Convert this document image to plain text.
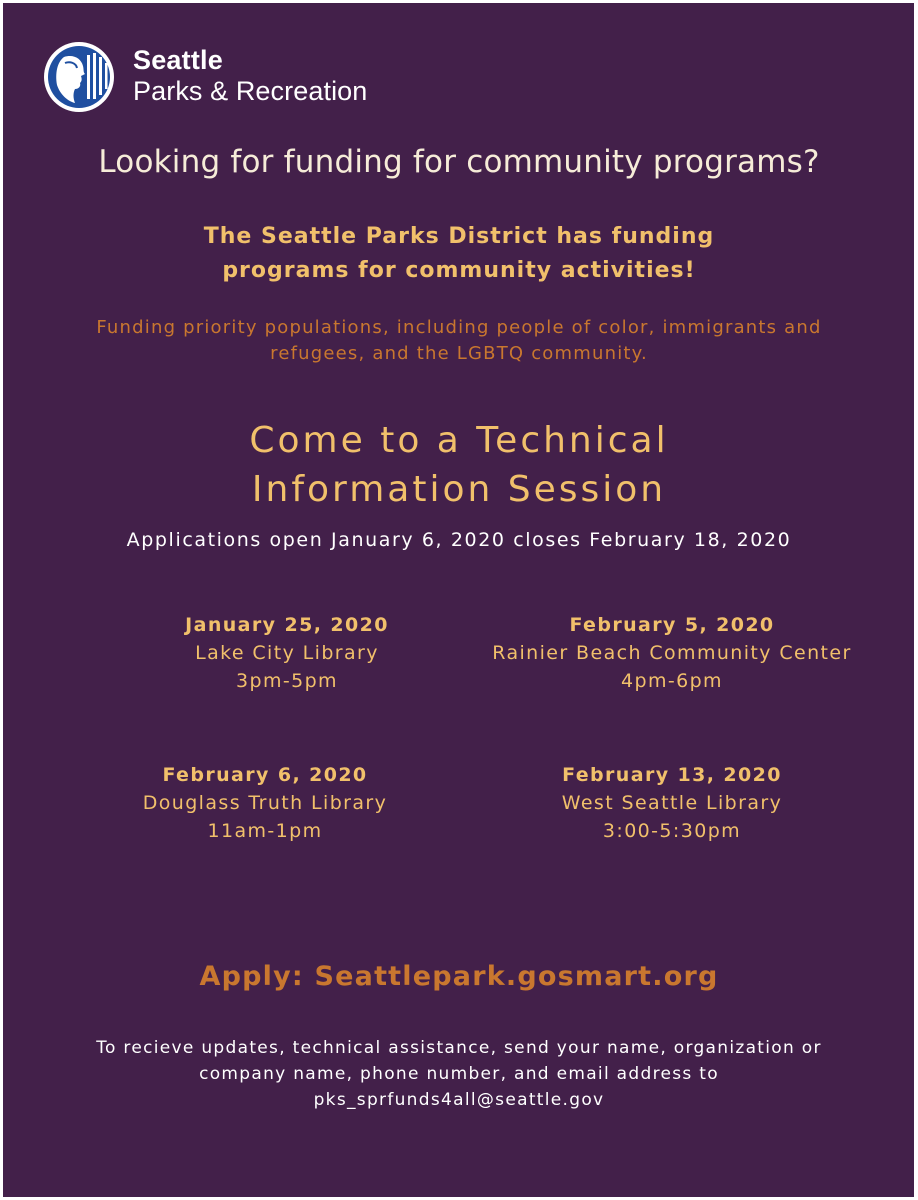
Seattle
Parks & Recreation
Looking for funding for community programs?
The Seattle Parks District has funding
programs for community activities!
Funding priority populations, including people of color, immigrants and
refugees, and the LGBTQ community.
Come to a Technical
Information Session
Applications open January 6, 2020 closes February 18, 2020
January 25, 2020
Lake City Library
3pm-5pm
February 5, 2020
Rainier Beach Community Center
4pm-6pm
February 6, 2020
Douglass Truth Library
11am-1pm
February 13, 2020
West Seattle Library
3:00-5:30pm
Apply: Seattlepark.gosmart.org
To recieve updates, technical assistance, send your name, organization or
company name, phone number, and email address to
pks_sprfunds4all@seattle.gov
